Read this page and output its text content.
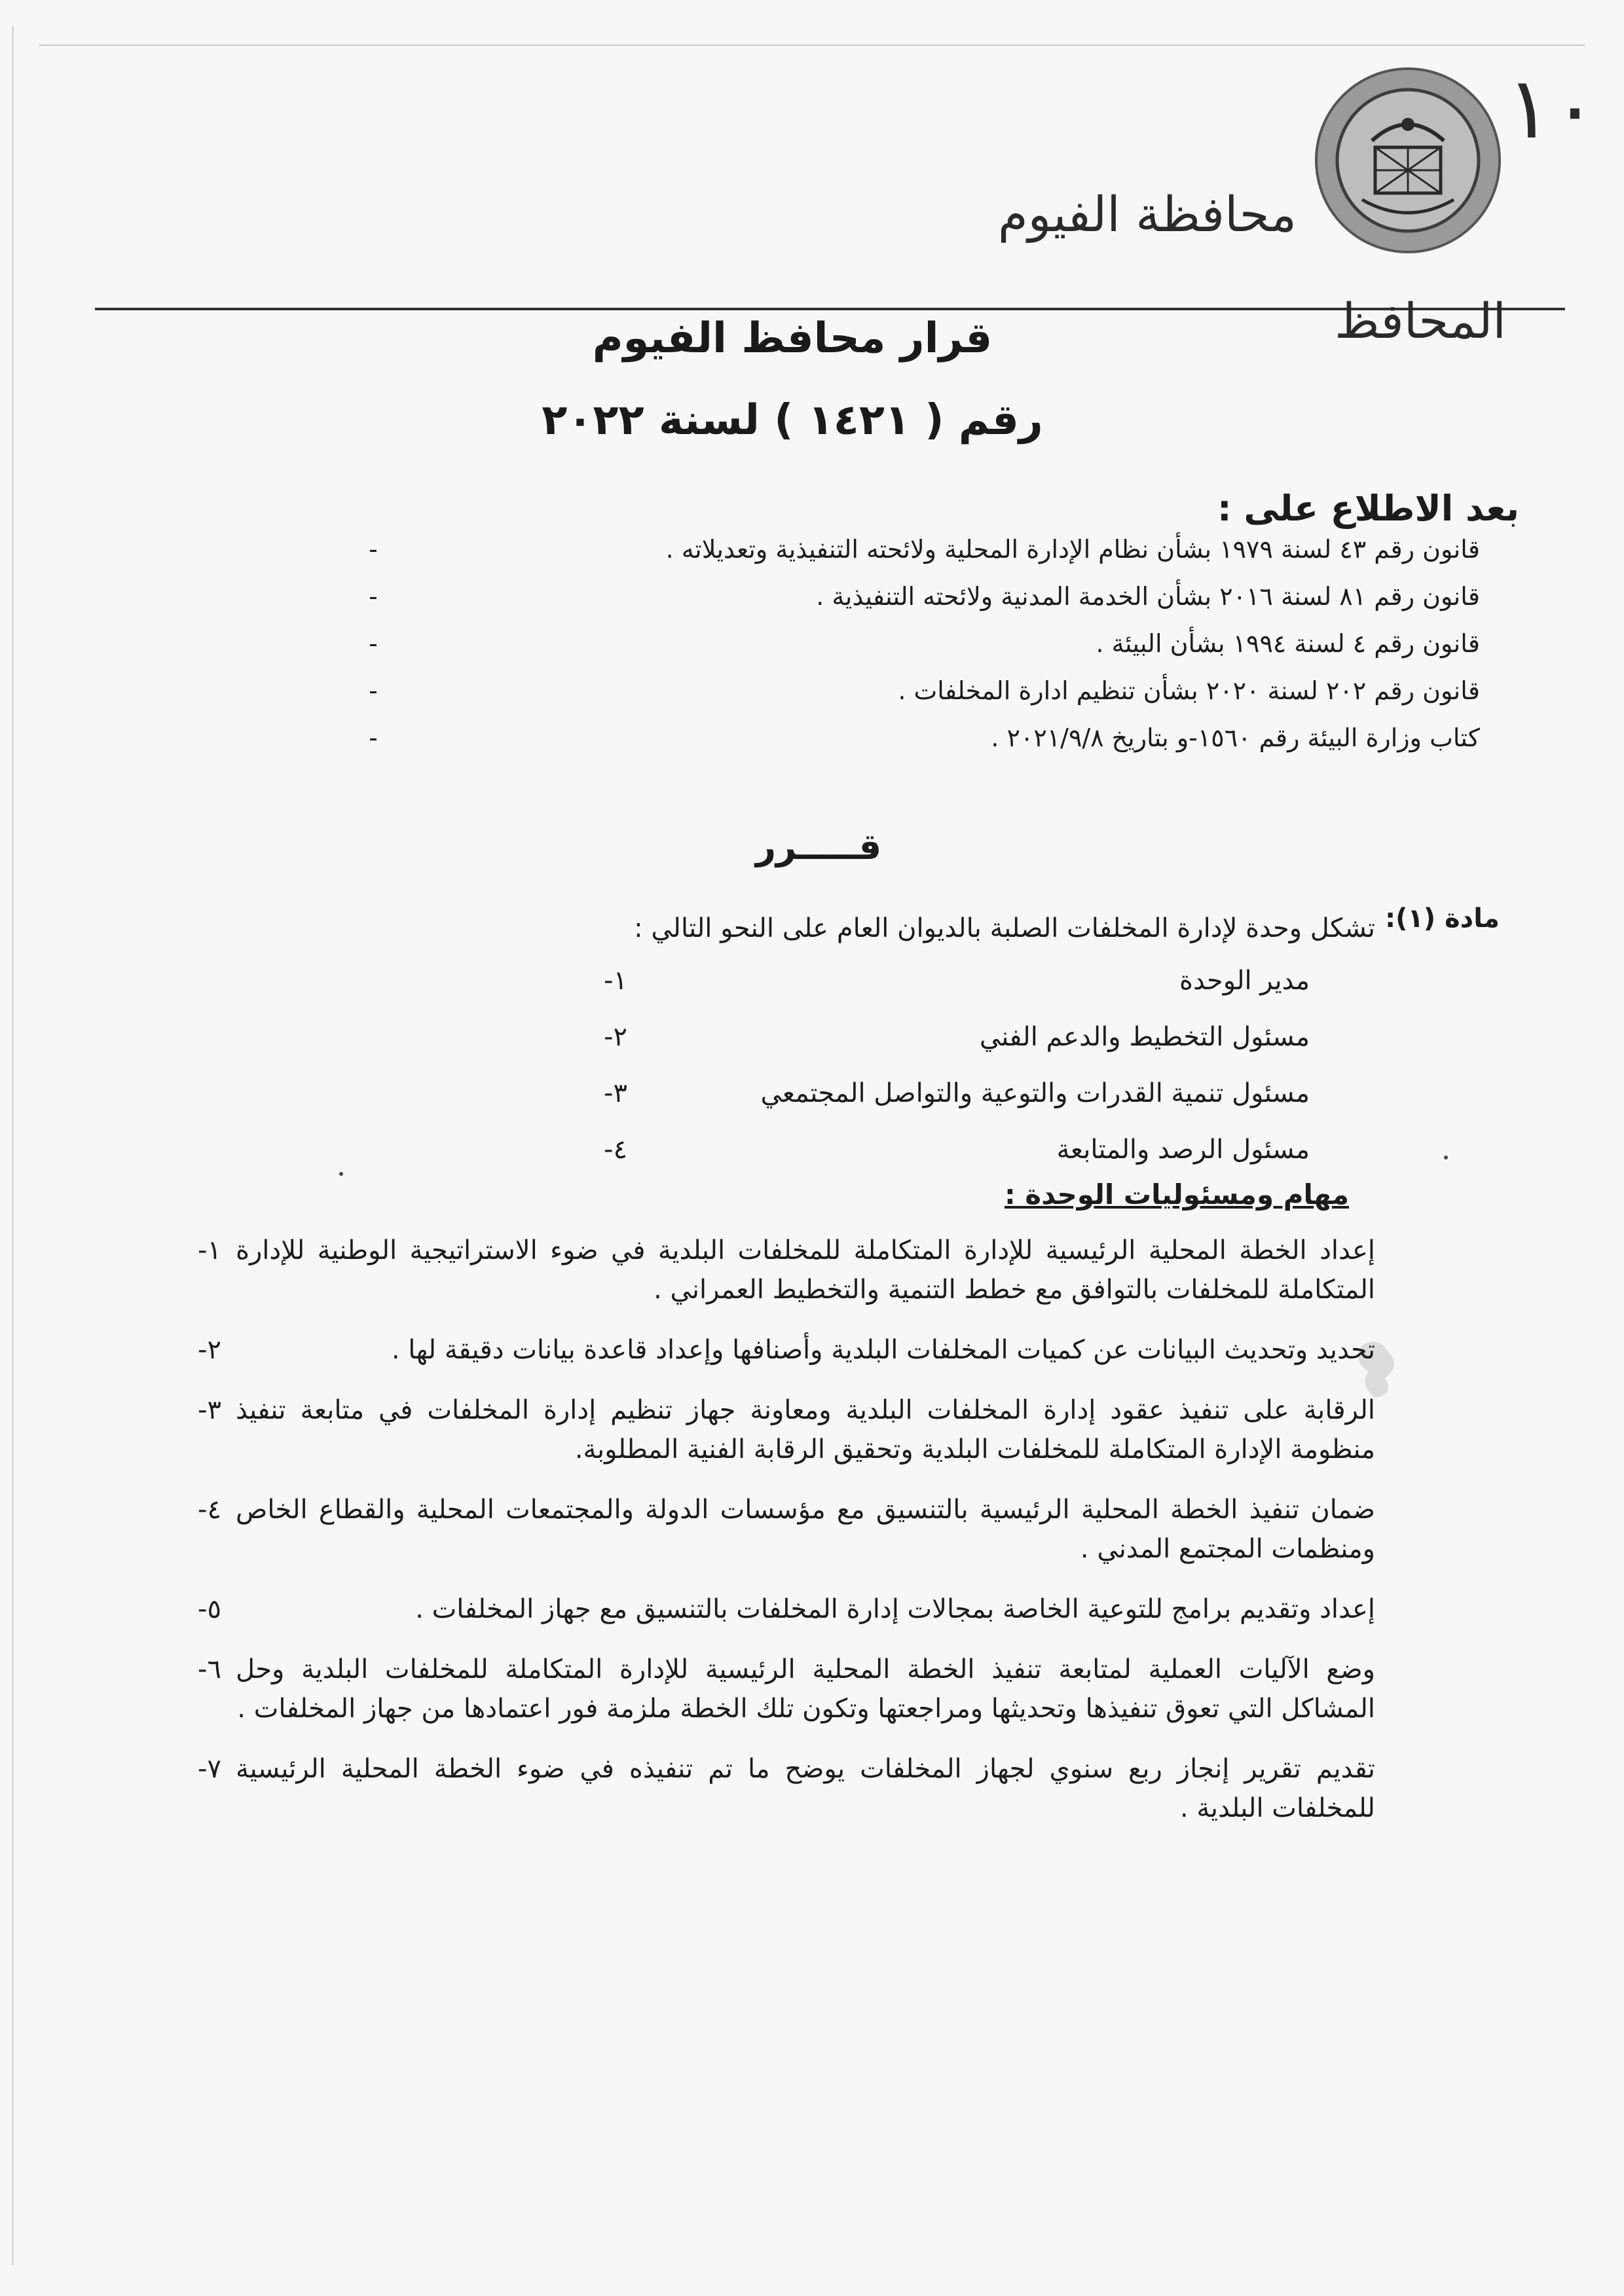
١٠
محافظة الفيوم
المحافظ
قرار محافظ الفيوم
رقم ( ١٤٢١ ) لسنة ٢٠٢٢
بعد الاطلاع على :
-	قانون رقم ٤٣ لسنة ١٩٧٩ بشأن نظام الإدارة المحلية ولائحته التنفيذية وتعديلاته .
-	قانون رقم ٨١ لسنة ٢٠١٦ بشأن الخدمة المدنية ولائحته التنفيذية .
-	قانون رقم ٤ لسنة ١٩٩٤ بشأن البيئة .
-	قانون رقم ٢٠٢ لسنة ٢٠٢٠ بشأن تنظيم ادارة المخلفات .
-	كتاب وزارة البيئة رقم ١٥٦٠-و بتاريخ ٢٠٢١/٩/٨ .
قـــــرر
مادة (١):
تشكل وحدة لإدارة المخلفات الصلبة بالديوان العام على النحو التالي :
١-	مدير الوحدة
٢-	مسئول التخطيط والدعم الفني
٣-	مسئول تنمية القدرات والتوعية والتواصل المجتمعي
٤-	مسئول الرصد والمتابعة
مهام ومسئوليات الوحدة :
١- إعداد الخطة المحلية الرئيسية للإدارة المتكاملة للمخلفات البلدية في ضوء الاستراتيجية الوطنية للإدارة المتكاملة للمخلفات بالتوافق مع خطط التنمية والتخطيط العمراني .
٢-	تحديد وتحديث البيانات عن كميات المخلفات البلدية وأصنافها وإعداد قاعدة بيانات دقيقة لها .
٣- الرقابة على تنفيذ عقود إدارة المخلفات البلدية ومعاونة جهاز تنظيم إدارة المخلفات في متابعة تنفيذ منظومة الإدارة المتكاملة للمخلفات البلدية وتحقيق الرقابة الفنية المطلوبة.
٤- ضمان تنفيذ الخطة المحلية الرئيسية بالتنسيق مع مؤسسات الدولة والمجتمعات المحلية والقطاع الخاص ومنظمات المجتمع المدني .
٥-	إعداد وتقديم برامج للتوعية الخاصة بمجالات إدارة المخلفات بالتنسيق مع جهاز المخلفات .
٦- وضع الآليات العملية لمتابعة تنفيذ الخطة المحلية الرئيسية للإدارة المتكاملة للمخلفات البلدية وحل المشاكل التي تعوق تنفيذها وتحديثها ومراجعتها وتكون تلك الخطة ملزمة فور اعتمادها من جهاز المخلفات .
٧- تقديم تقرير إنجاز ربع سنوي لجهاز المخلفات يوضح ما تم تنفيذه في ضوء الخطة المحلية الرئيسية للمخلفات البلدية .
